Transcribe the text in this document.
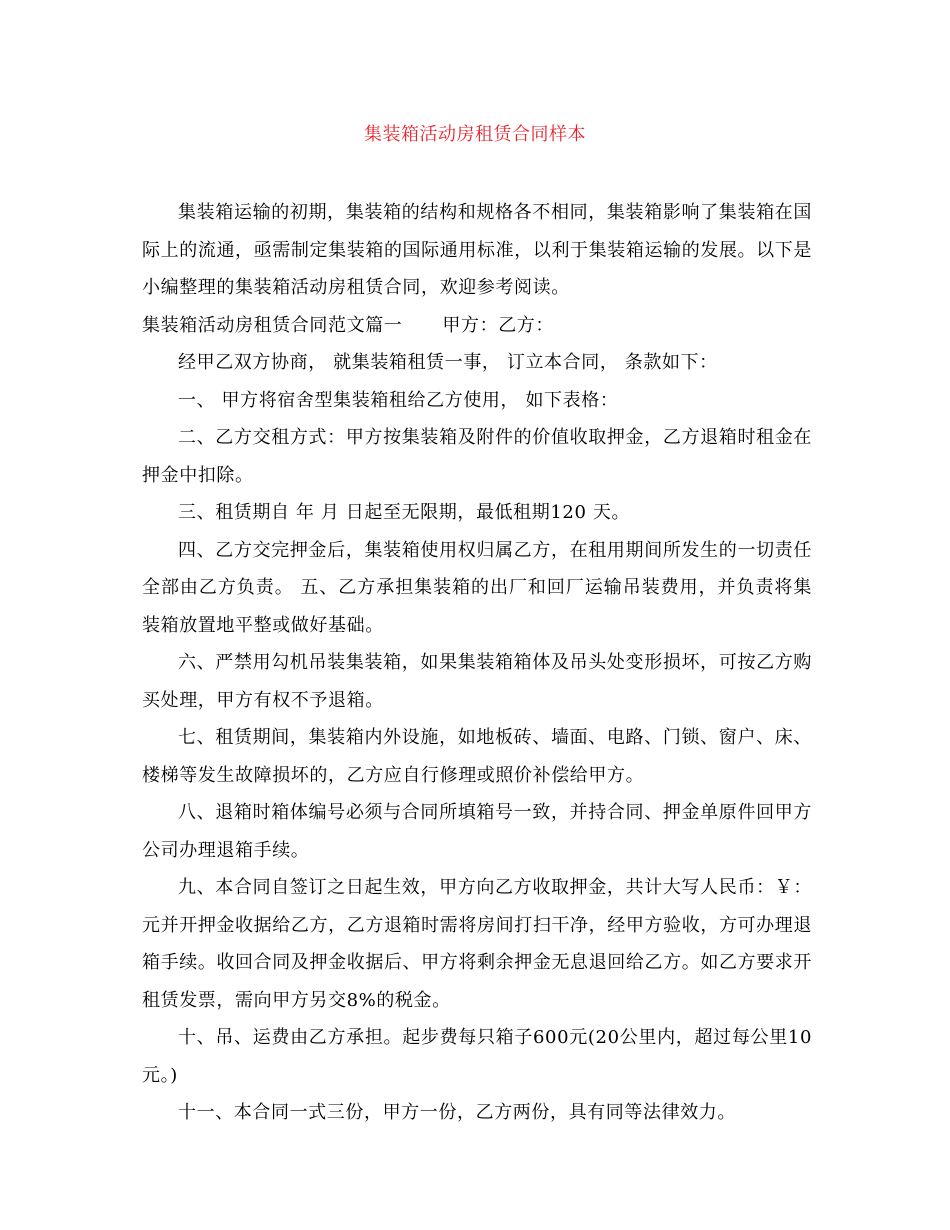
集装箱活动房租赁合同样本

集装箱运输的初期，集装箱的结构和规格各不相同，集装箱影响了集装箱在国际上的流通，亟需制定集装箱的国际通用标准，以利于集装箱运输的发展。以下是小编整理的集装箱活动房租赁合同，欢迎参考阅读。

集装箱活动房租赁合同范文篇一 甲方：乙方：

经甲乙双方协商， 就集装箱租赁一事， 订立本合同， 条款如下：

一、 甲方将宿舍型集装箱租给乙方使用， 如下表格：

二、乙方交租方式：甲方按集装箱及附件的价值收取押金，乙方退箱时租金在押金中扣除。

三、租赁期自 年 月 日起至无限期，最低租期120 天。

四、乙方交完押金后，集装箱使用权归属乙方，在租用期间所发生的一切责任全部由乙方负责。 五、乙方承担集装箱的出厂和回厂运输吊装费用，并负责将集装箱放置地平整或做好基础。

六、严禁用勾机吊装集装箱，如果集装箱箱体及吊头处变形损坏，可按乙方购买处理，甲方有权不予退箱。

七、租赁期间，集装箱内外设施，如地板砖、墙面、电路、门锁、窗户、床、楼梯等发生故障损坏的，乙方应自行修理或照价补偿给甲方。

八、退箱时箱体编号必须与合同所填箱号一致，并持合同、押金单原件回甲方公司办理退箱手续。

九、本合同自签订之日起生效，甲方向乙方收取押金，共计大写人民币：￥： 元并开押金收据给乙方，乙方退箱时需将房间打扫干净，经甲方验收，方可办理退箱手续。收回合同及押金收据后、甲方将剩余押金无息退回给乙方。如乙方要求开租赁发票，需向甲方另交8%的税金。

十、吊、运费由乙方承担。起步费每只箱子600元(20公里内，超过每公里10元。)

十一、本合同一式三份，甲方一份，乙方两份，具有同等法律效力。
